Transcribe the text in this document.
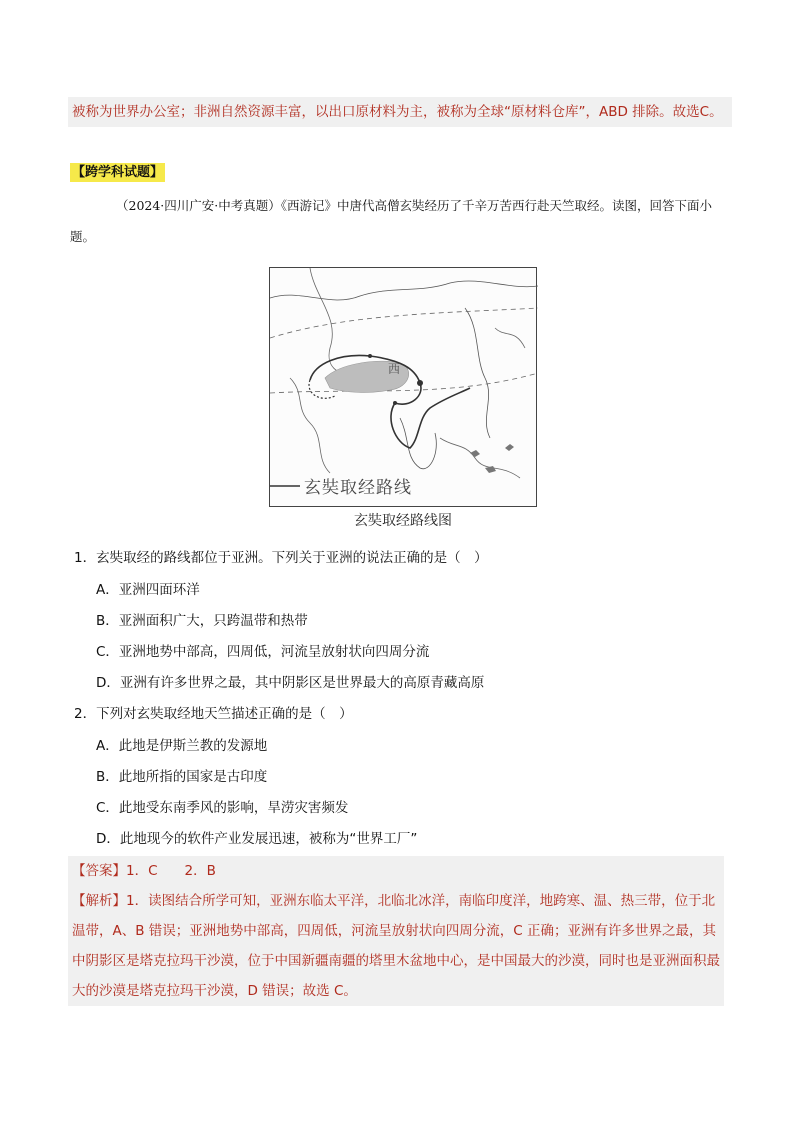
被称为世界办公室；非洲自然资源丰富，以出口原材料为主，被称为全球“原材料仓库”，ABD 排除。故选C。
【跨学科试题】
（2024·四川广安·中考真题）《西游记》中唐代高僧玄奘经历了千辛万苦西行赴天竺取经。读图，回答下面小题。
西
玄奘取经路线
玄奘取经路线图
1．玄奘取经的路线都位于亚洲。下列关于亚洲的说法正确的是（　）
A．亚洲四面环洋
B．亚洲面积广大，只跨温带和热带
C．亚洲地势中部高，四周低，河流呈放射状向四周分流
D．亚洲有许多世界之最，其中阴影区是世界最大的高原青藏高原
2．下列对玄奘取经地天竺描述正确的是（　）
A．此地是伊斯兰教的发源地
B．此地所指的国家是古印度
C．此地受东南季风的影响，旱涝灾害频发
D．此地现今的软件产业发展迅速，被称为“世界工厂”
【答案】1．C　　2．B
【解析】1．读图结合所学可知，亚洲东临太平洋，北临北冰洋，南临印度洋，地跨寒、温、热三带，位于北温带，A、B 错误；亚洲地势中部高，四周低，河流呈放射状向四周分流，C 正确；亚洲有许多世界之最，其中阴影区是塔克拉玛干沙漠，位于中国新疆南疆的塔里木盆地中心，是中国最大的沙漠，同时也是亚洲面积最大的沙漠是塔克拉玛干沙漠，D 错误；故选 C。
